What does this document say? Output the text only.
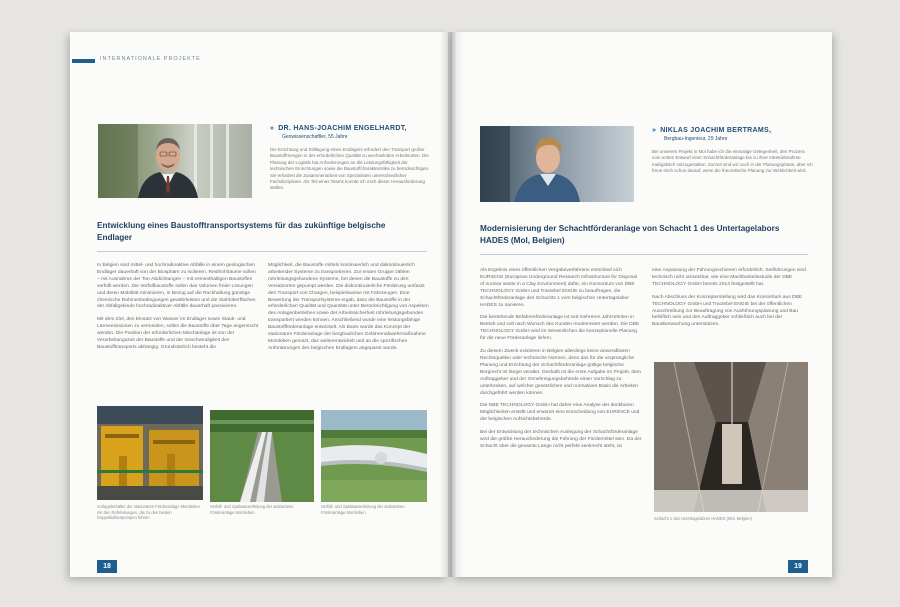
INTERNATIONALE PROJEKTE
» DR. HANS-JOACHIM ENGELHARDT,
Geowissenschaftler, 55 Jahre
Die Errichtung und Stilllegung eines Endlagers erfordert den Transport großer Baustoffmengen in der erforderlichen Qualität zu wechselnden Arbeitsorten. Die Planung der Logistik hat Anforderungen an die Leistungsfähigkeit der technischen Einrichtungen sowie die Baustoffcharakteristika zu berücksichtigen. Sie erfordert die Zusammenarbeit von Spezialisten unterschiedlicher Fachdisziplinen. Als Teil eines Teams konnte ich mich dieser Herausforderung stellen.
Entwicklung eines Baustofftransportsystems für das zukünftige belgische Endlager

In Belgien sind mittel- und hochradioaktive Abfälle in einem geologischen Endlager dauerhaft von der Biosphäre zu isolieren. Resthohlräume sollen – mit Ausnahme der Ton-Abdichtungen – mit zementhaltigen Baustoffen verfüllt werden. Die Verfüllbaustoffe sollen das Volumen freier Lösungen und deren Mobilität minimieren, in Bezug auf die Rückhaltung günstige chemische Rahmenbedingungen gewährleisten und die Stahloberflächen der Abfallgebinde hochradioaktiver Abfälle dauerhaft passivieren.

Mit dem Ziel, den Einsatz von Wasser im Endlager sowie Staub- und Lärmemissionen zu vermeiden, sollen die Baustoffe über Tage angemischt werden. Die Position der erforderlichen Mischanlage ist von der Verarbeitungszeit der Baustoffe und der Geschwindigkeit des Baustofftransports abhängig. Grundsätzlich besteht die

Möglichkeit, die Baustoffe mittels kontinuierlich und diskontinuierlich arbeitender Systeme zu transportieren. Zur ersten Gruppe zählen rohrleitungsgebundene Systeme, bei denen die Baustoffe zu den Versatzorten gepumpt werden. Die diskontinuierliche Förderung umfasst den Transport von Chargen, beispielsweise mit Fahrzeugen. Eine Bewertung der Transportsysteme ergab, dass die Baustoffe in der erforderlichen Qualität und Quantität unter Berücksichtigung von Aspekten des Anlagenbetriebes sowie der Arbeitssicherheit rohrleitungsgebunden transportiert werden können. Anschließend wurde eine leistungsfähige Baustoffförderanlage entwickelt. Als Basis wurde das Konzept der stationären Förderanlage der bergbaulichen Gefahrenabwehrmaßnahme Morsleben genutzt, das weiterentwickelt und an die spezifischen Anforderungen des belgischen Endlagers angepasst wurde.

Vorlagebehälter der stationären Förderanlage Morsleben mit den Rohrleitungen, die zu den beiden Doppelkolbenpumpen führen
Verfüll- und Spülwasserleitung der stationären Förderanlage Morsleben
Verfüll- und Spülwasserleitung der stationären Förderanlage Morsleben
18
» NIKLAS JOACHIM BERTRAMS,
Bergbau-Ingenieur, 29 Jahre
Bei unserem Projekt in Mol habe ich die einmalige Gelegenheit, den Prozess vom ersten Entwurf einer Schachtförderanlage bis zu ihrer Inbetriebnahme maßgeblich mitzugestalten. Zurzeit sind wir noch in der Planungsphase, aber ich freue mich schon darauf, wenn die theoretische Planung zur Wirklichkeit wird.
Modernisierung der Schachtförderanlage von Schacht 1 des Untertagelabors HADES (Mol, Belgien)

Als Ergebnis eines öffentlichen Vergabeverfahrens entschied sich EURIDICE (European Underground Research Infrastructure for Disposal of nuclear waste in a Clay Environment) dafür, ein Konsortium von DBE TECHNOLOGY GmbH und Tractebel ENGIE zu beauftragen, die Schachtförderanlage des Schachts 1 vom belgischen Untertagelabor HADES zu sanieren.

Die bestehende Befahrenförderanlage ist seit mehreren Jahrzehnten in Betrieb und soll nach Wunsch des Kunden modernisiert werden. Die DBE TECHNOLOGY GmbH wird im Wesentlichen die konzeptionelle Planung für die neue Förderanlage liefern.

Zu diesem Zweck existieren in Belgien allerdings keine anwendbaren Rechtsquellen oder technische Normen, denn das für die ursprüngliche Planung und Errichtung der Schachtförderanlage gültige belgische Bergrecht ist längst veraltet. Deshalb ist die erste Aufgabe im Projekt, dem Auftraggeber und der Genehmigungsbehörde einen Vorschlag zu unterbreiten, auf welcher gesetzlichen und normativen Basis die Arbeiten durchgeführt werden können.

Die DBE TECHNOLOGY GmbH hat daher eine Analyse der denkbaren Möglichkeiten erstellt und erwartet eine Entscheidung von EURIDICE und der belgischen Aufsichtsbehörde.

Bei der Entwicklung der technischen Auslegung der Schachtförderanlage wird die größte Herausforderung die Führung der Fördermittel sein. Da der Schacht über die gesamte Länge nicht perfekt senkrecht steht, ist

eine Anpassung der Führungsschienen erforderlich. Seilführungen sind technisch nicht umsetzbar, wie eine Machbarkeitsstudie der DBE TECHNOLOGY GmbH bereits 2014 festgestellt hat.

Nach Abschluss der Konzepterstellung wird das Konsortium aus DBE TECHNOLOGY GmbH und Tractebel ENGIE bei der öffentlichen Ausschreibung zur Beauftragung von Ausführungsplanung und Bau behilflich sein und den Auftraggeber schließlich auch bei der Bauüberwachung unterstützen.

Schacht 1 des Untertagelabors HADES (Mol, Belgien)
19
